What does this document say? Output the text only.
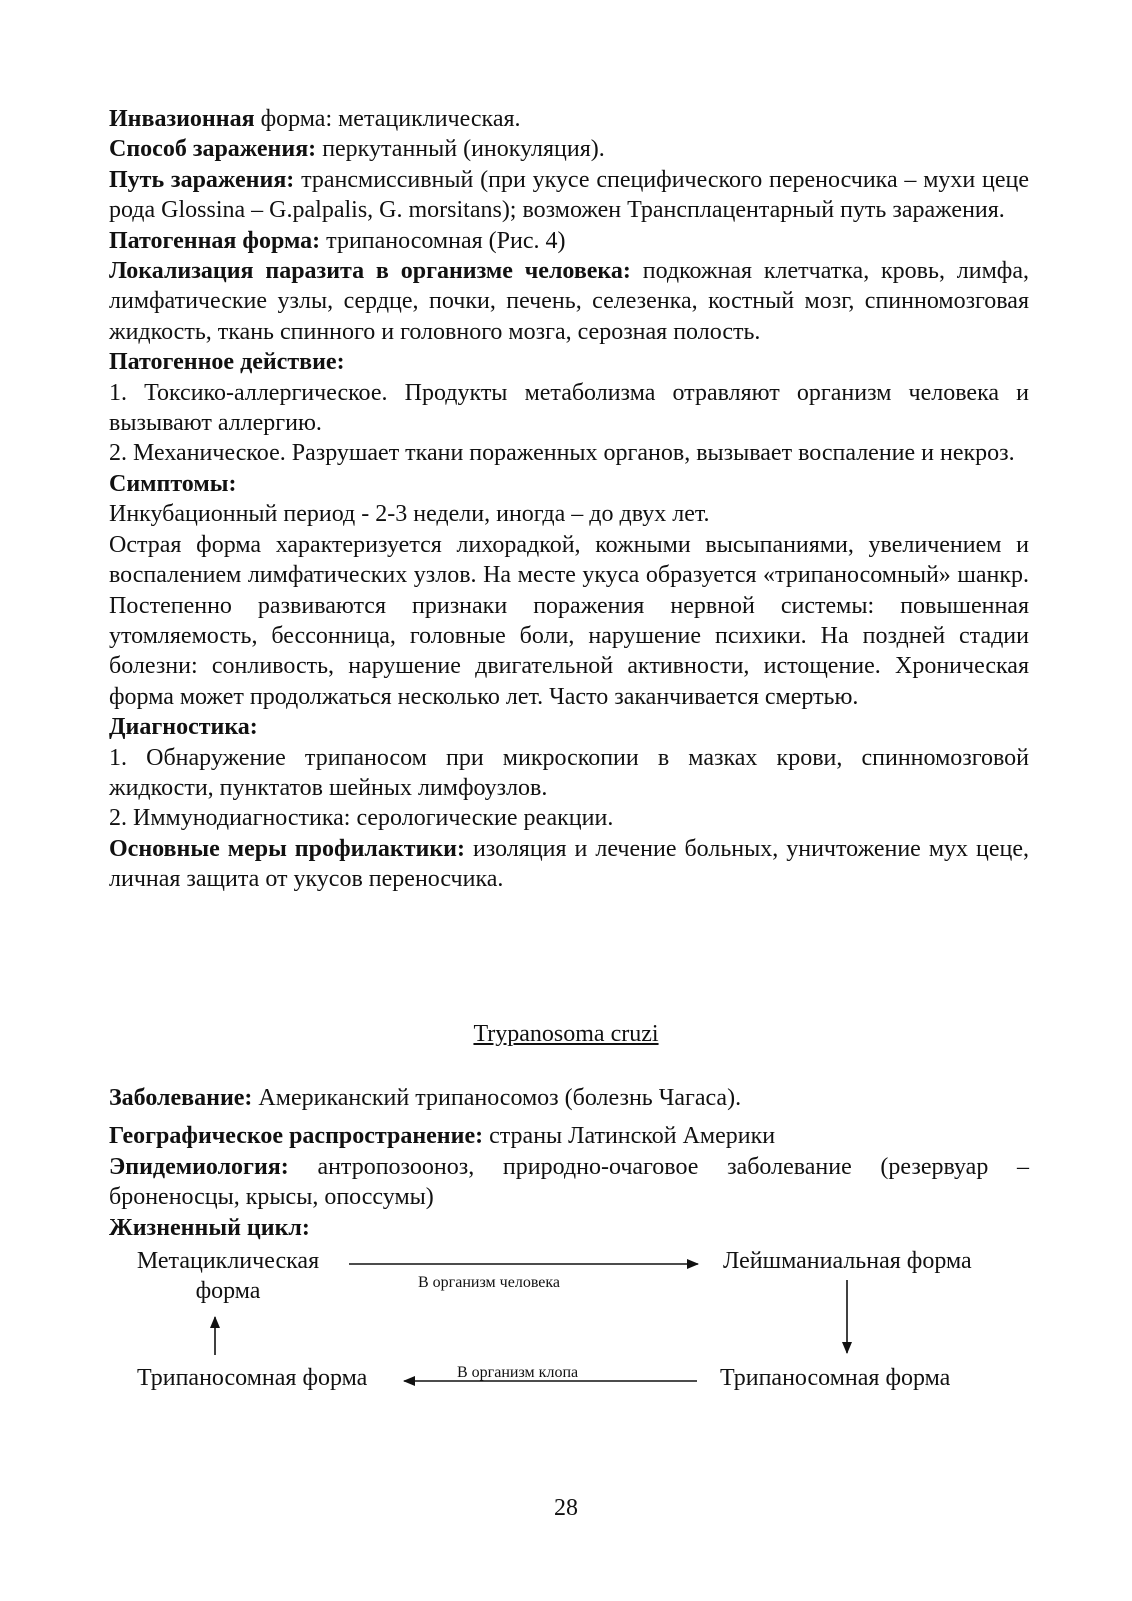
Инвазионная форма: метациклическая.

Способ заражения: перкутанный (инокуляция).

Путь заражения: трансмиссивный (при укусе специфического переносчика – мухи цеце рода Glossina – G.palpalis, G. morsitans); возможен Трансплацентарный путь заражения.

Патогенная форма: трипаносомная (Рис. 4)

Локализация паразита в организме человека: подкожная клетчатка, кровь, лимфа, лимфатические узлы, сердце, почки, печень, селезенка, костный мозг, спинномозговая жидкость, ткань спинного и головного мозга, серозная полость.

Патогенное действие:

1. Токсико-аллергическое. Продукты метаболизма отравляют организм человека и вызывают аллергию.

2. Механическое. Разрушает ткани пораженных органов, вызывает воспаление и некроз.

Симптомы:

Инкубационный период - 2-3 недели, иногда – до двух лет.

Острая форма характеризуется лихорадкой, кожными высыпаниями, увеличением и воспалением лимфатических узлов. На месте укуса образуется «трипаносомный» шанкр. Постепенно развиваются признаки поражения нервной системы: повышенная утомляемость, бессонница, головные боли, нарушение психики. На поздней стадии болезни: сонливость, нарушение двигательной активности, истощение. Хроническая форма может продолжаться несколько лет. Часто заканчивается смертью.

Диагностика:

1. Обнаружение трипаносом при микроскопии в мазках крови, спинномозговой жидкости, пунктатов шейных лимфоузлов.

2. Иммунодиагностика: серологические реакции.

Основные меры профилактики: изоляция и лечение больных, уничтожение мух цеце, личная защита от укусов переносчика.

Trypanosoma cruzi

Заболевание: Американский трипаносомоз (болезнь Чагаса).

Географическое распространение: страны Латинской Америки

Эпидемиология: антропозооноз, природно-очаговое заболевание (резервуар – броненосцы, крысы, опоссумы)

Жизненный цикл:

Метациклическая
форма
Лейшманиальная форма
Трипаносомная форма	Трипаносомная форма
В организм человека
В организм клопа
28
